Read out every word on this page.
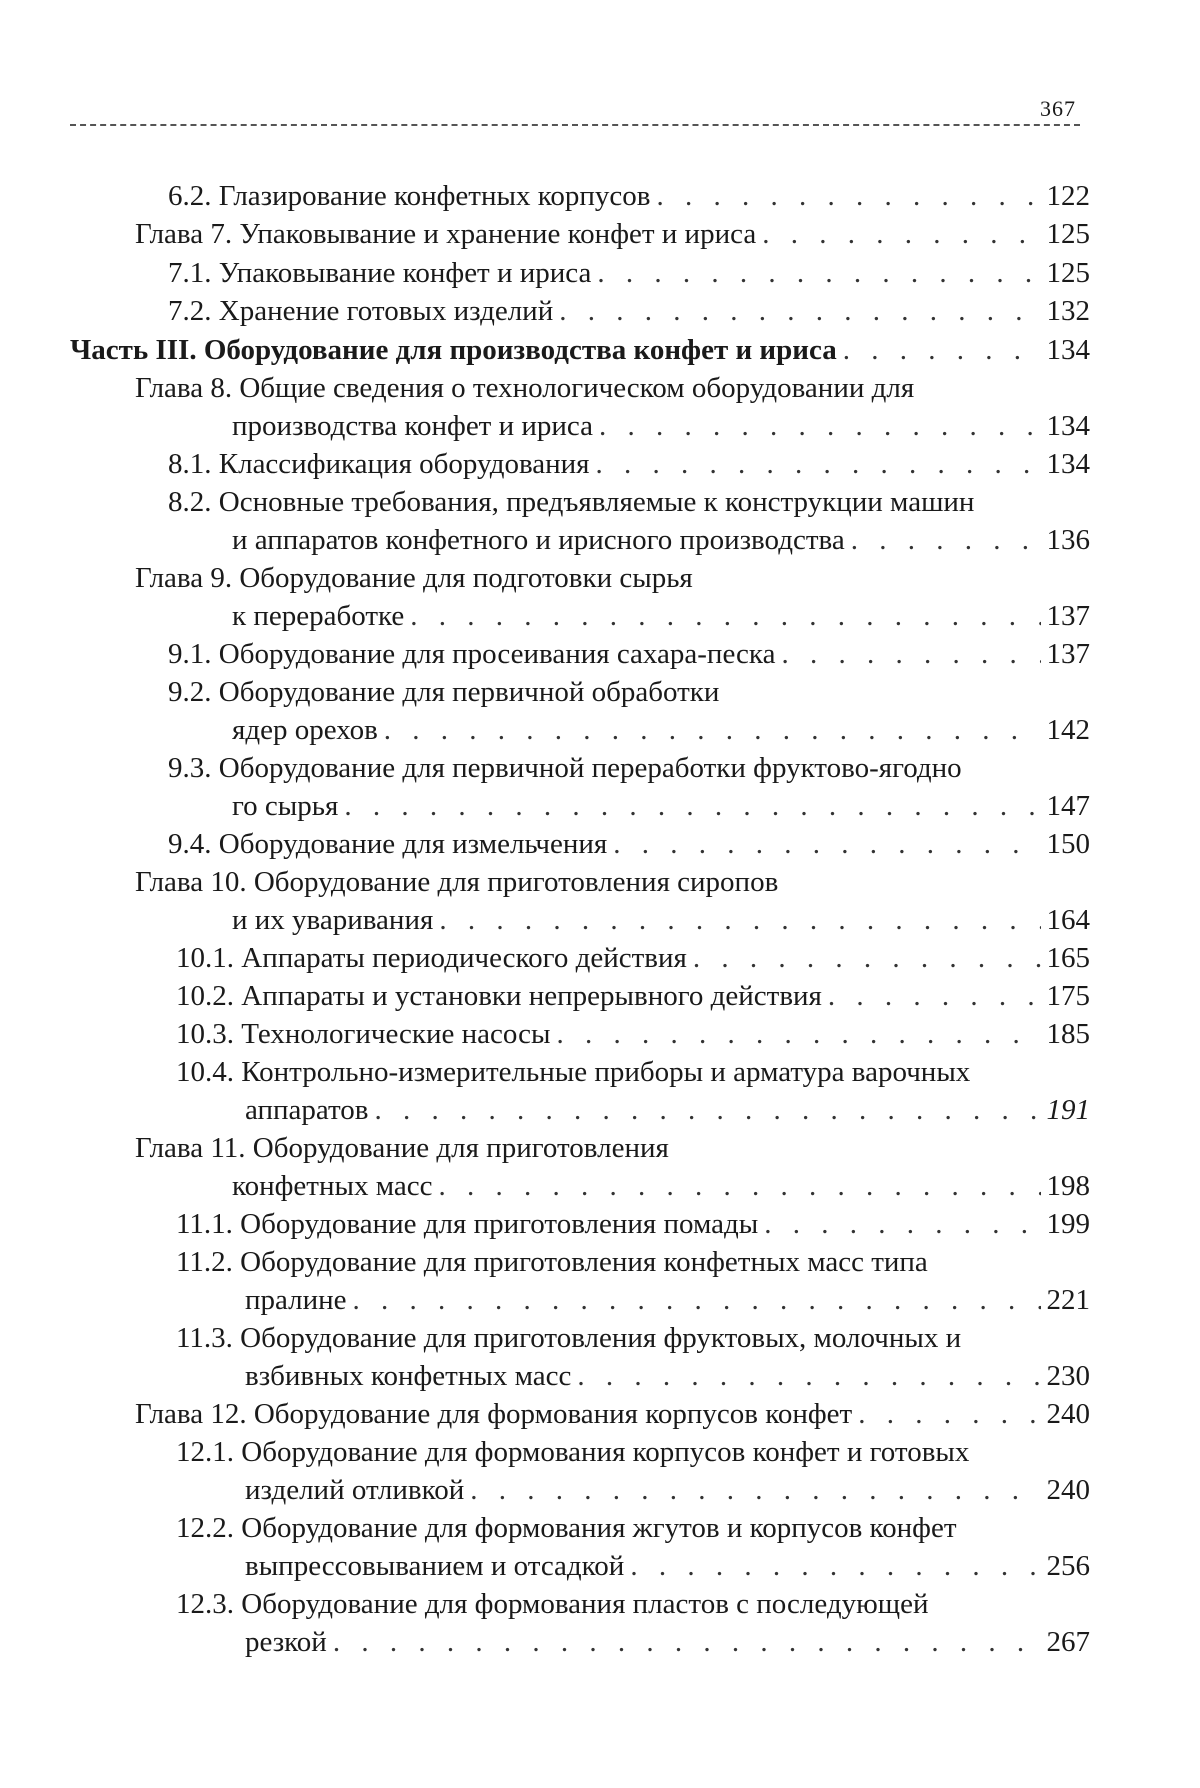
367
6.2. Глазирование конфетных корпусов . . .	122
Глава 7. Упаковывание и хранение конфет и ириса . . .	125
7.1. Упаковывание конфет и ириса . . .	125
7.2. Хранение готовых изделий . . .	132
Часть III. Оборудование для производства конфет и ириса . . .	134
Глава 8. Общие сведения о технологическом оборудовании для
производства конфет и ириса . . .	134
8.1. Классификация оборудования . . .	134
8.2. Основные требования, предъявляемые к конструкции машин
и аппаратов конфетного и ирисного производства . . .	136
Глава 9. Оборудование для подготовки сырья
к переработке . . .	137
9.1. Оборудование для просеивания сахара-песка . . .	137
9.2. Оборудование для первичной обработки
ядер орехов . . .	142
9.3. Оборудование для первичной переработки фруктово-ягодно
го сырья . . .	147
9.4. Оборудование для измельчения . . .	150
Глава 10. Оборудование для приготовления сиропов
и их уваривания . . .	164
10.1. Аппараты периодического действия . . .	165
10.2. Аппараты и установки непрерывного действия . . .	175
10.3. Технологические насосы . . .	185
10.4. Контрольно-измерительные приборы и арматура варочных
аппаратов . . .	191
Глава 11. Оборудование для приготовления
конфетных масс . . .	198
11.1. Оборудование для приготовления помады . . .	199
11.2. Оборудование для приготовления конфетных масс типа
пралине . . .	221
11.3. Оборудование для приготовления фруктовых, молочных и
взбивных конфетных масс . . .	230
Глава 12. Оборудование для формования корпусов конфет . . .	240
12.1. Оборудование для формования корпусов конфет и готовых
изделий отливкой . . .	240
12.2. Оборудование для формования жгутов и корпусов конфет
выпрессовыванием и отсадкой . . .	256
12.3. Оборудование для формования пластов с последующей
резкой . . .	267
